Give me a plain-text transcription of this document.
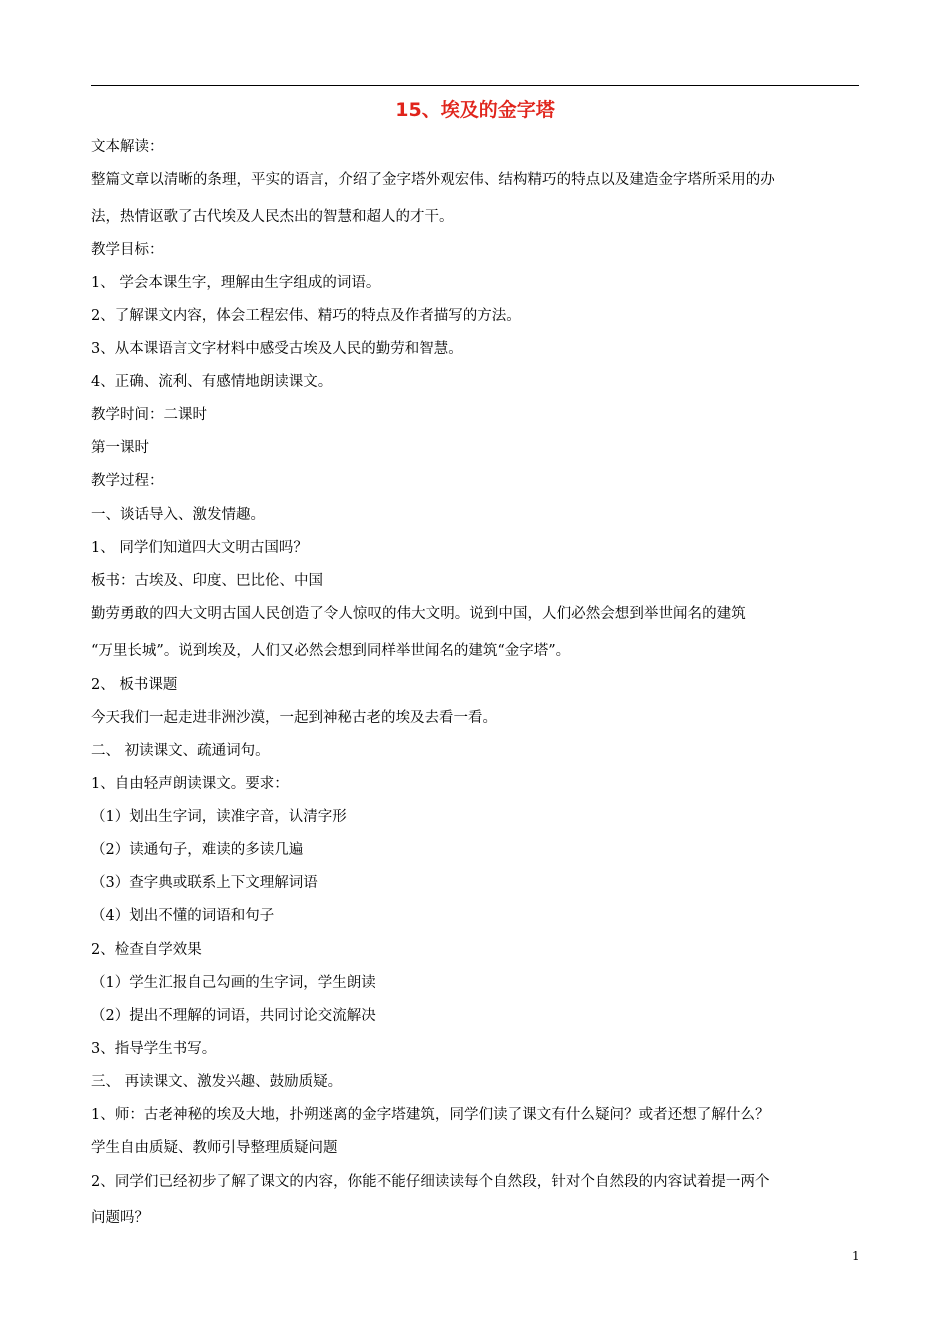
15、埃及的金字塔
文本解读：
整篇文章以清晰的条理，平实的语言，介绍了金字塔外观宏伟、结构精巧的特点以及建造金字塔所采用的办
法，热情讴歌了古代埃及人民杰出的智慧和超人的才干。
教学目标：
1、 学会本课生字，理解由生字组成的词语。
2、了解课文内容，体会工程宏伟、精巧的特点及作者描写的方法。
3、从本课语言文字材料中感受古埃及人民的勤劳和智慧。
4、正确、流利、有感情地朗读课文。
教学时间：二课时
第一课时
教学过程：
一、谈话导入、激发情趣。
1、 同学们知道四大文明古国吗？
板书：古埃及、印度、巴比伦、中国
勤劳勇敢的四大文明古国人民创造了令人惊叹的伟大文明。说到中国，人们必然会想到举世闻名的建筑
“万里长城”。说到埃及，人们又必然会想到同样举世闻名的建筑“金字塔”。
2、 板书课题
今天我们一起走进非洲沙漠，一起到神秘古老的埃及去看一看。
二、 初读课文、疏通词句。
1、自由轻声朗读课文。要求：
（1）划出生字词，读准字音，认清字形
（2）读通句子，难读的多读几遍
（3）查字典或联系上下文理解词语
（4）划出不懂的词语和句子
2、检查自学效果
（1）学生汇报自己勾画的生字词，学生朗读
（2）提出不理解的词语，共同讨论交流解决
3、指导学生书写。
三、 再读课文、激发兴趣、鼓励质疑。
1、师：古老神秘的埃及大地，扑朔迷离的金字塔建筑，同学们读了课文有什么疑问？或者还想了解什么？
学生自由质疑、教师引导整理质疑问题
2、同学们已经初步了解了课文的内容，你能不能仔细读读每个自然段，针对个自然段的内容试着提一两个
问题吗？
1
